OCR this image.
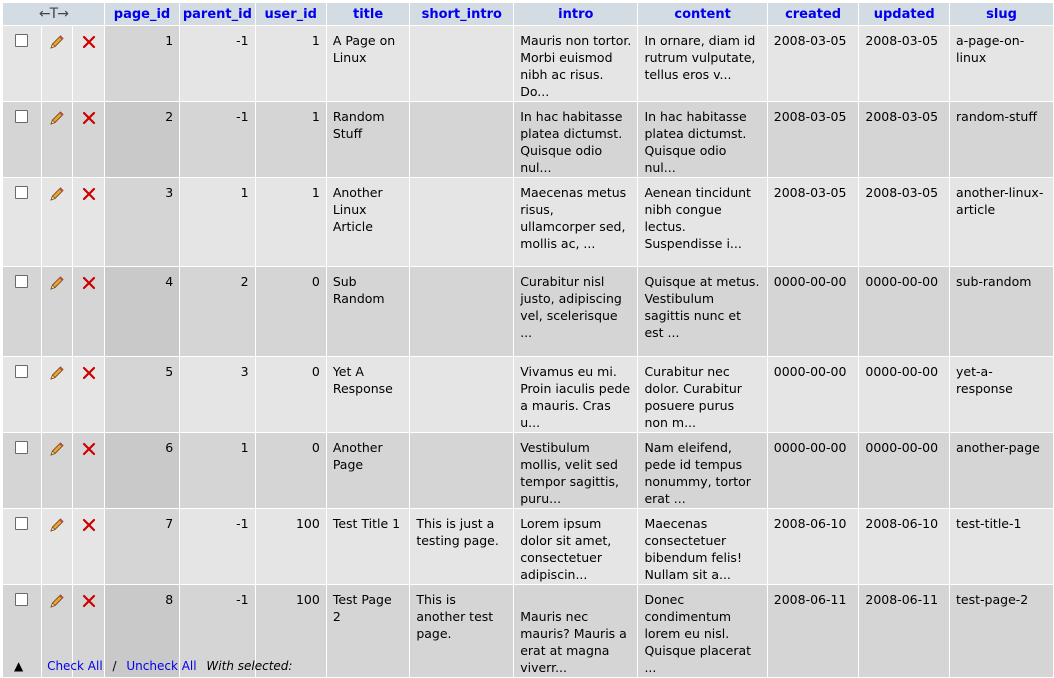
←T→			page_id	parent_id	user_id	title	short_intro	intro	content	created	updated	slug
			1	-1	1	A Page on Linux		Mauris non tortor. Morbi euismod nibh ac risus. Do...	In ornare, diam id rutrum vulputate, tellus eros v...	2008-03-05	2008-03-05	a-page-on-linux
			2	-1	1	Random Stuff		In hac habitasse platea dictumst. Quisque odio nul...	In hac habitasse platea dictumst. Quisque odio nul...	2008-03-05	2008-03-05	random-stuff
			3	1	1	Another Linux Article		Maecenas metus risus, ullamcorper sed, mollis ac, ...	Aenean tincidunt nibh congue lectus. Suspendisse i...	2008-03-05	2008-03-05	another-linux-article
			4	2	0	Sub Random		Curabitur nisl justo, adipiscing vel, scelerisque ...	Quisque at metus. Vestibulum sagittis nunc et est ...	0000-00-00	0000-00-00	sub-random
			5	3	0	Yet A Response		Vivamus eu mi. Proin iaculis pede a mauris. Cras u...	Curabitur nec dolor. Curabitur posuere purus non m...	0000-00-00	0000-00-00	yet-a-response
			6	1	0	Another Page		Vestibulum mollis, velit sed tempor sagittis, puru...	Nam eleifend, pede id tempus nonummy, tortor erat ...	0000-00-00	0000-00-00	another-page
			7	-1	100	Test Title 1	This is just a testing page.	Lorem ipsum dolor sit amet, consectetuer adipiscin...	Maecenas consectetuer bibendum felis! Nullam sit a...	2008-06-10	2008-06-10	test-title-1
			8	-1	100	Test Page 2	This is another test page.	Mauris nec mauris? Mauris a erat at magna viverr...	Donec condimentum lorem eu nisl. Quisque placerat ...	2008-06-11	2008-06-11	test-page-2
▲ Check All / Uncheck All With selected:
